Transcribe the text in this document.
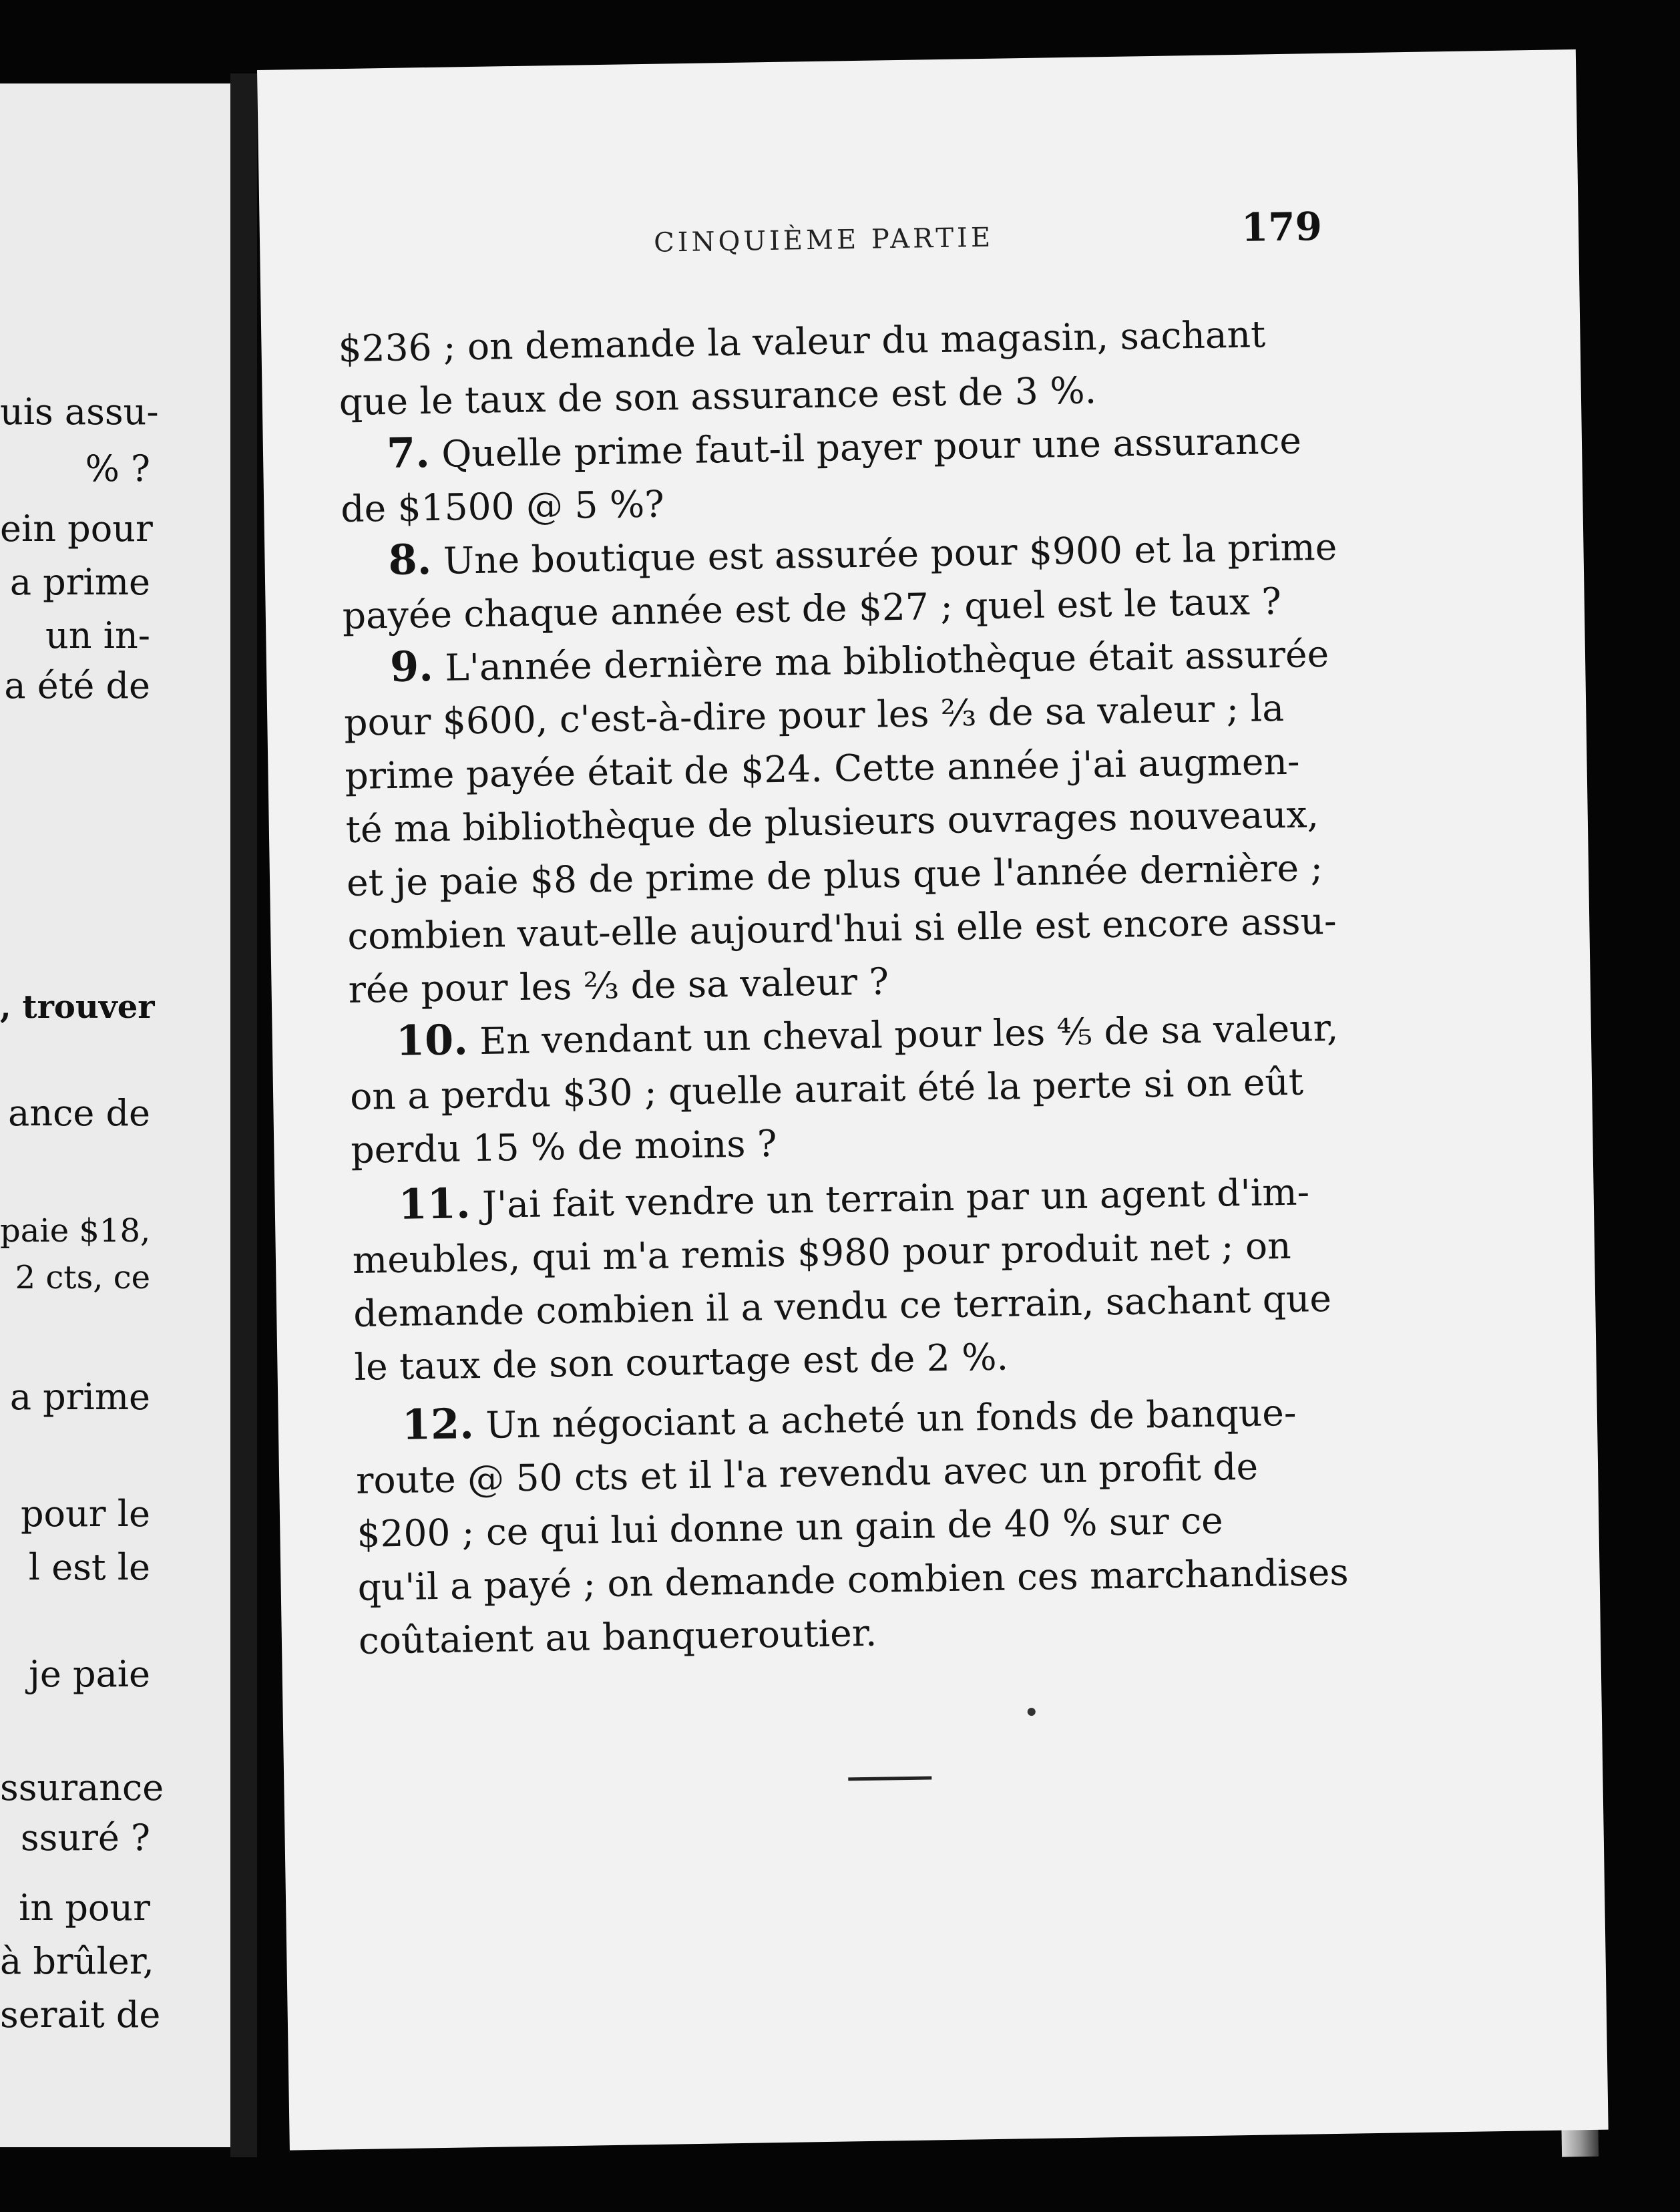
uis assu-
% ?
ein pour
a prime
un in-
a été de
, trouver
ance de
paie $18,
2 cts, ce
a prime
pour le
l est le
je paie
ssurance
ssuré ?
in pour
à brûler,
serait de
CINQUIÈME PARTIE	179
$236 ; on demande la valeur du magasin, sachant
que le taux de son assurance est de 3 %.
7. Quelle prime faut-il payer pour une assurance
de $1500 @ 5 %?
8. Une boutique est assurée pour $900 et la prime
payée chaque année est de $27 ; quel est le taux ?
9. L'année dernière ma bibliothèque était assurée
pour $600, c'est-à-dire pour les ⅔ de sa valeur ; la
prime payée était de $24. Cette année j'ai augmen-
té ma bibliothèque de plusieurs ouvrages nouveaux,
et je paie $8 de prime de plus que l'année dernière ;
combien vaut-elle aujourd'hui si elle est encore assu-
rée pour les ⅔ de sa valeur ?
10. En vendant un cheval pour les ⅘ de sa valeur,
on a perdu $30 ; quelle aurait été la perte si on eût
perdu 15 % de moins ?
11. J'ai fait vendre un terrain par un agent d'im-
meubles, qui m'a remis $980 pour produit net ; on
demande combien il a vendu ce terrain, sachant que
le taux de son courtage est de 2 %.
12. Un négociant a acheté un fonds de banque-
route @ 50 cts et il l'a revendu avec un profit de
$200 ; ce qui lui donne un gain de 40 % sur ce
qu'il a payé ; on demande combien ces marchandises
coûtaient au banqueroutier.
